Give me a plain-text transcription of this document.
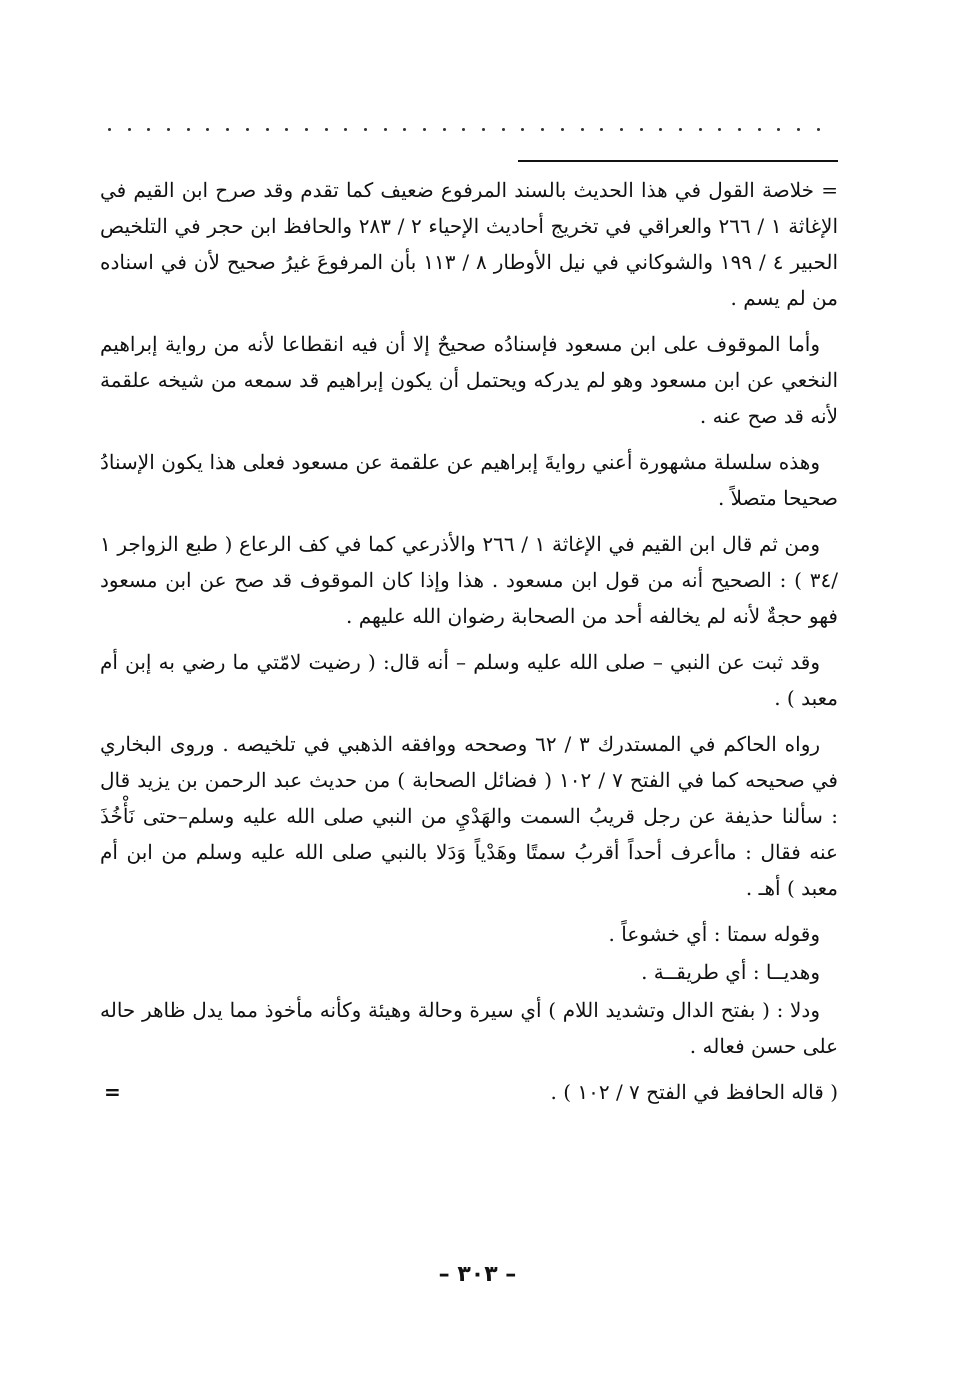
= خلاصة القول في هذا الحديث بالسند المرفوع ضعيف كما تقدم وقد صرح ابن القيم في الإغاثة ١ / ٢٦٦ والعراقي في تخريج أحاديث الإحياء ٢ / ٢٨٣ والحافظ ابن حجر في التلخيص الحبير ٤ / ١٩٩ والشوكاني في نيل الأوطار ٨ / ١١٣ بأن المرفوعَ غيرُ صحيح لأن في اسناده من لم يسم .

وأما الموقوف على ابن مسعود فإسنادُه صحيحٌ إلا أن فيه انقطاعا لأنه من رواية إبراهيم النخعي عن ابن مسعود وهو لم يدركه ويحتمل أن يكون إبراهيم قد سمعه من شيخه علقمة لأنه قد صح عنه .

وهذه سلسلة مشهورة أعني روايةَ إبراهيم عن علقمة عن مسعود فعلى هذا يكون الإسنادُ صحيحا متصلاً .

ومن ثم قال ابن القيم في الإغاثة ١ / ٢٦٦ والأذرعي كما في كف الرعاع ( طبع الزواجر ١ /٣٤ ) : الصحيح أنه من قول ابن مسعود . هذا وإذا كان الموقوف قد صح عن ابن مسعود فهو حجةٌ لأنه لم يخالفه أحد من الصحابة رضوان الله عليهم .

وقد ثبت عن النبي – صلى الله عليه وسلم – أنه قال: ( رضيت لامّتي ما رضي به إبن أم معبد ) .

رواه الحاكم في المستدرك ٣ / ٦٢ وصححه ووافقه الذهبي في تلخيصه . وروى البخاري في صحيحه كما في الفتح ٧ / ١٠٢ ( فضائل الصحابة ) من حديث عبد الرحمن بن يزيد قال : سألنا حذيفة عن رجل قريبُ السمت والهَدْيِ من النبي صلى الله عليه وسلم–حتى نَأْخُذَ عنه فقال : ماأعرف أحداً أقربُ سمتًا وهَدْياً وَدَلا بالنبي صلى الله عليه وسلم من ابن أم معبد ) أهـ .

وقوله سمتا : أي خشوعاً .

وهديــا : أي طريقــة .

ودلا : ( بفتح الدال وتشديد اللام ) أي سيرة وحالة وهيئة وكأنه مأخوذ مما يدل ظاهر حاله على حسن فعاله .

( قاله الحافظ في الفتح ٧ / ١٠٢ ) .
=
– ٣٠٣ –
